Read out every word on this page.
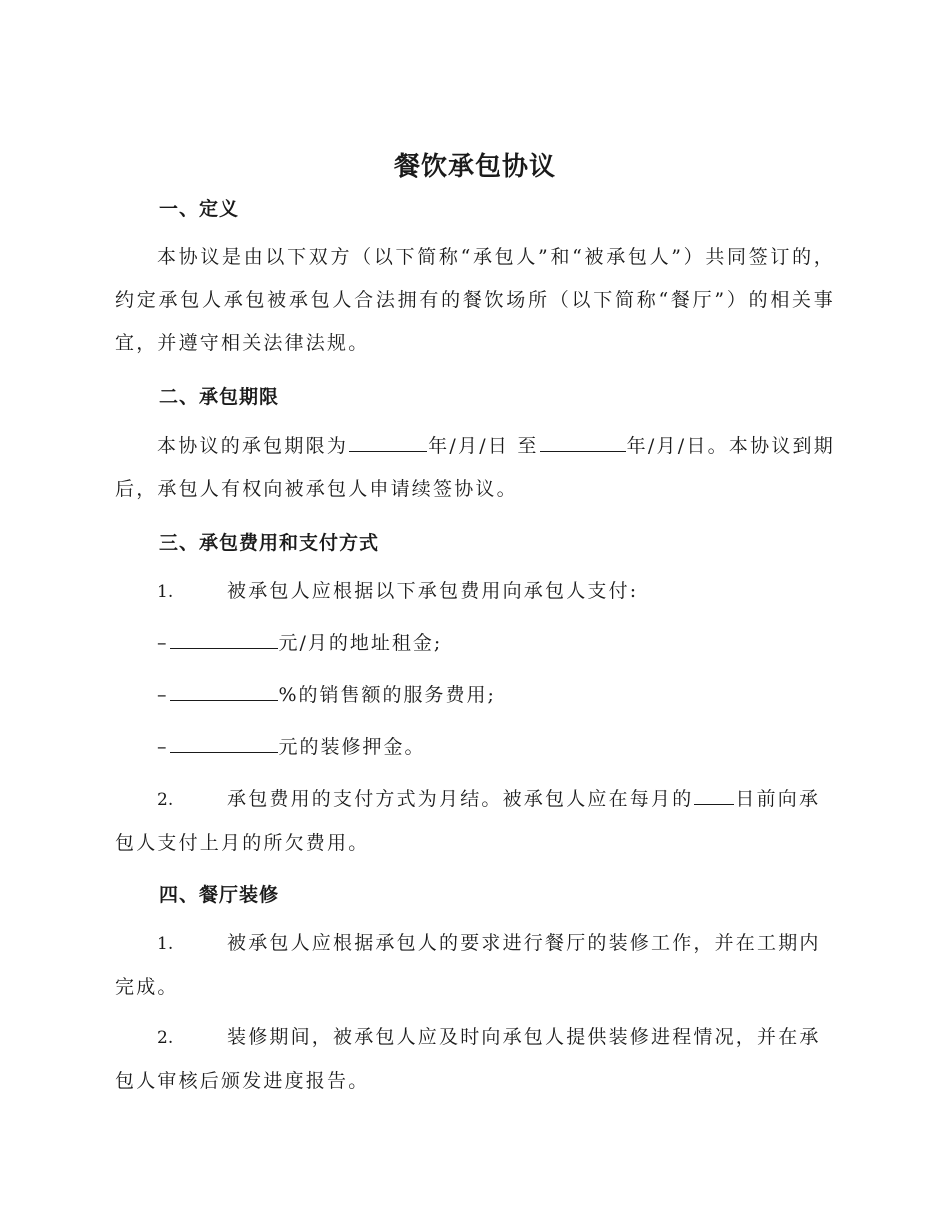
餐饮承包协议
一、定义
本协议是由以下双方（以下简称“承包人”和“被承包人”）共同签订的，约定承包人承包被承包人合法拥有的餐饮场所（以下简称“餐厅”）的相关事宜，并遵守相关法律法规。
二、承包期限
本协议的承包期限为	年/月/日 至	年/月/日。本协议到期后，承包人有权向被承包人申请续签协议。
三、承包费用和支付方式
1.	被承包人应根据以下承包费用向承包人支付:
–	元/月的地址租金;
–	%的销售额的服务费用;
–	元的装修押金。
2.	承包费用的支付方式为月结。被承包人应在每月的 日前向承包人支付上月的所欠费用。
四、餐厅装修
1.	被承包人应根据承包人的要求进行餐厅的装修工作，并在工期内完成。
2.	装修期间，被承包人应及时向承包人提供装修进程情况，并在承包人审核后颁发进度报告。
